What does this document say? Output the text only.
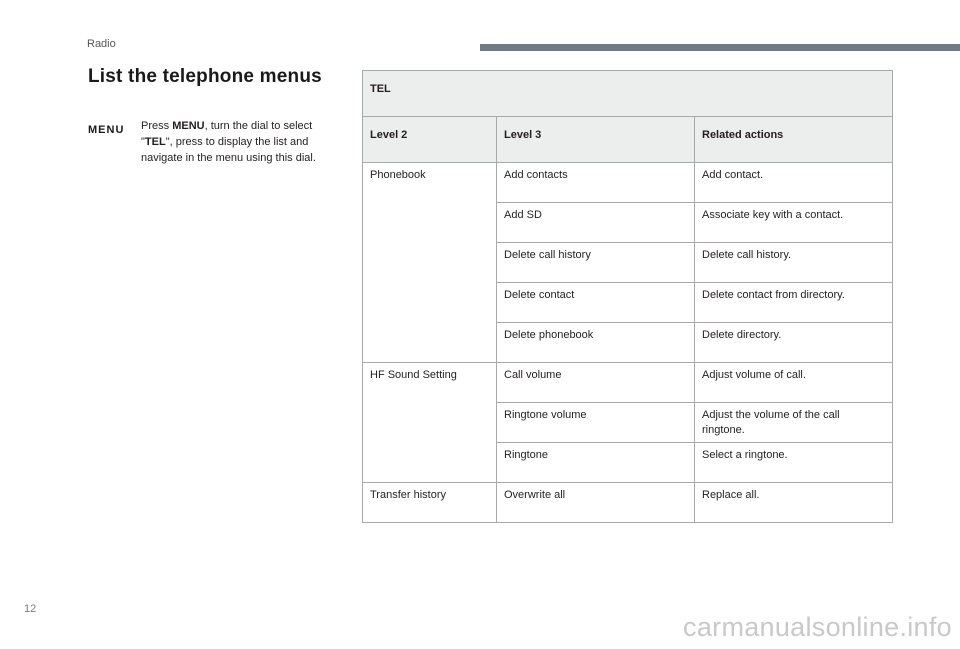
Radio
List the telephone menus
MENU Press MENU, turn the dial to select "TEL", press to display the list and navigate in the menu using this dial.

TEL		
Level 2	Level 3	Related actions
Phonebook	Add contacts	Add contact.
	Add SD	Associate key with a contact.
	Delete call history	Delete call history.
	Delete contact	Delete contact from directory.
	Delete phonebook	Delete directory.
HF Sound Setting	Call volume	Adjust volume of call.
	Ringtone volume	Adjust the volume of the call ringtone.
	Ringtone	Select a ringtone.
Transfer history	Overwrite all	Replace all.
12
carmanualsonline.info
